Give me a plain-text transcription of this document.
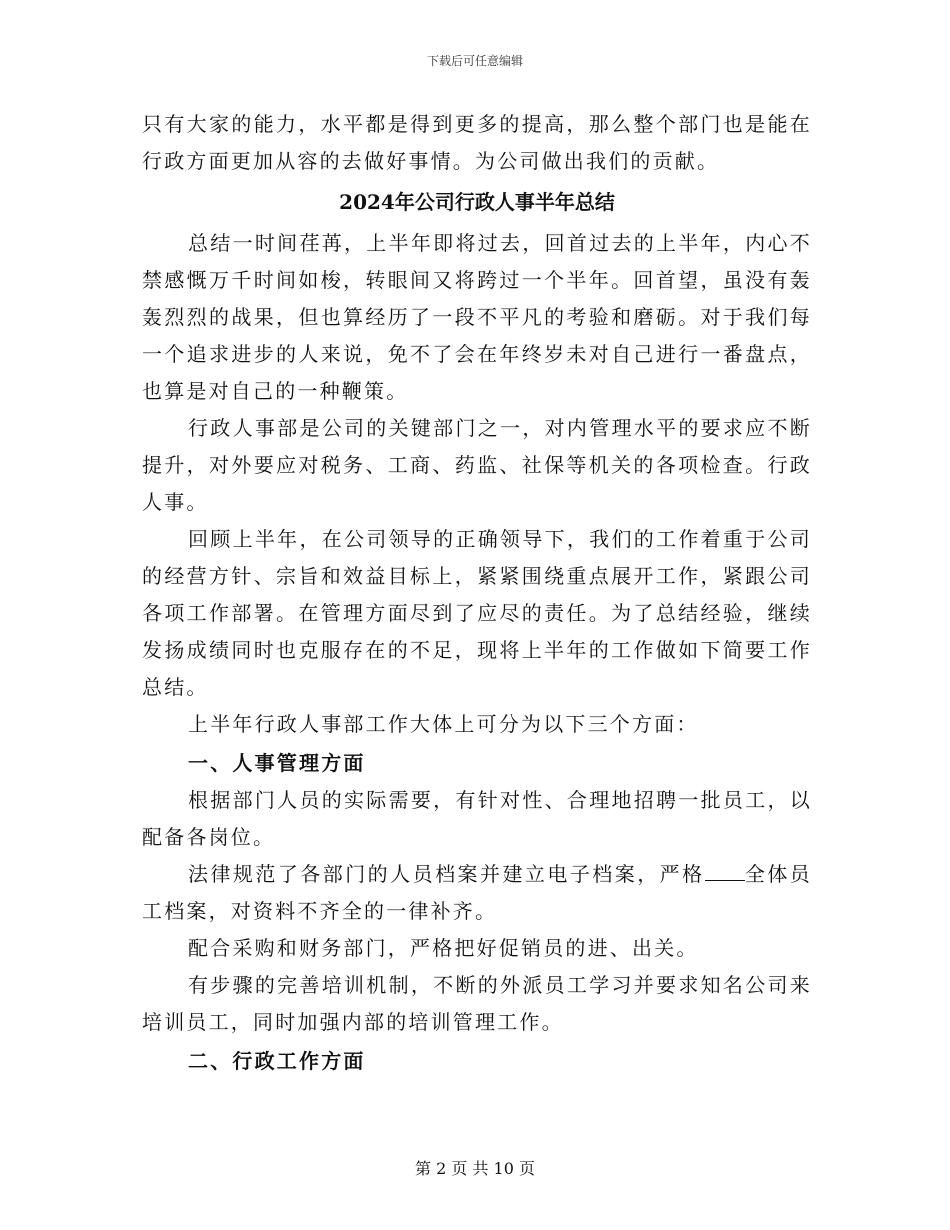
下载后可任意编辑

只有大家的能力，水平都是得到更多的提高，那么整个部门也是能在行政方面更加从容的去做好事情。为公司做出我们的贡献。

2024年公司行政人事半年总结

总结一时间荏苒，上半年即将过去，回首过去的上半年，内心不禁感慨万千时间如梭，转眼间又将跨过一个半年。回首望，虽没有轰轰烈烈的战果，但也算经历了一段不平凡的考验和磨砺。对于我们每一个追求进步的人来说，免不了会在年终岁未对自己进行一番盘点，也算是对自己的一种鞭策。

行政人事部是公司的关键部门之一，对内管理水平的要求应不断提升，对外要应对税务、工商、药监、社保等机关的各项检查。行政人事。

回顾上半年，在公司领导的正确领导下，我们的工作着重于公司的经营方针、宗旨和效益目标上，紧紧围绕重点展开工作，紧跟公司各项工作部署。在管理方面尽到了应尽的责任。为了总结经验，继续发扬成绩同时也克服存在的不足，现将上半年的工作做如下简要工作总结。

上半年行政人事部工作大体上可分为以下三个方面：

一、人事管理方面

根据部门人员的实际需要，有针对性、合理地招聘一批员工，以配备各岗位。

法律规范了各部门的人员档案并建立电子档案，严格 全体员工档案，对资料不齐全的一律补齐。

配合采购和财务部门，严格把好促销员的进、出关。

有步骤的完善培训机制，不断的外派员工学习并要求知名公司来培训员工，同时加强内部的培训管理工作。

二、行政工作方面

第 2 页 共 10 页
